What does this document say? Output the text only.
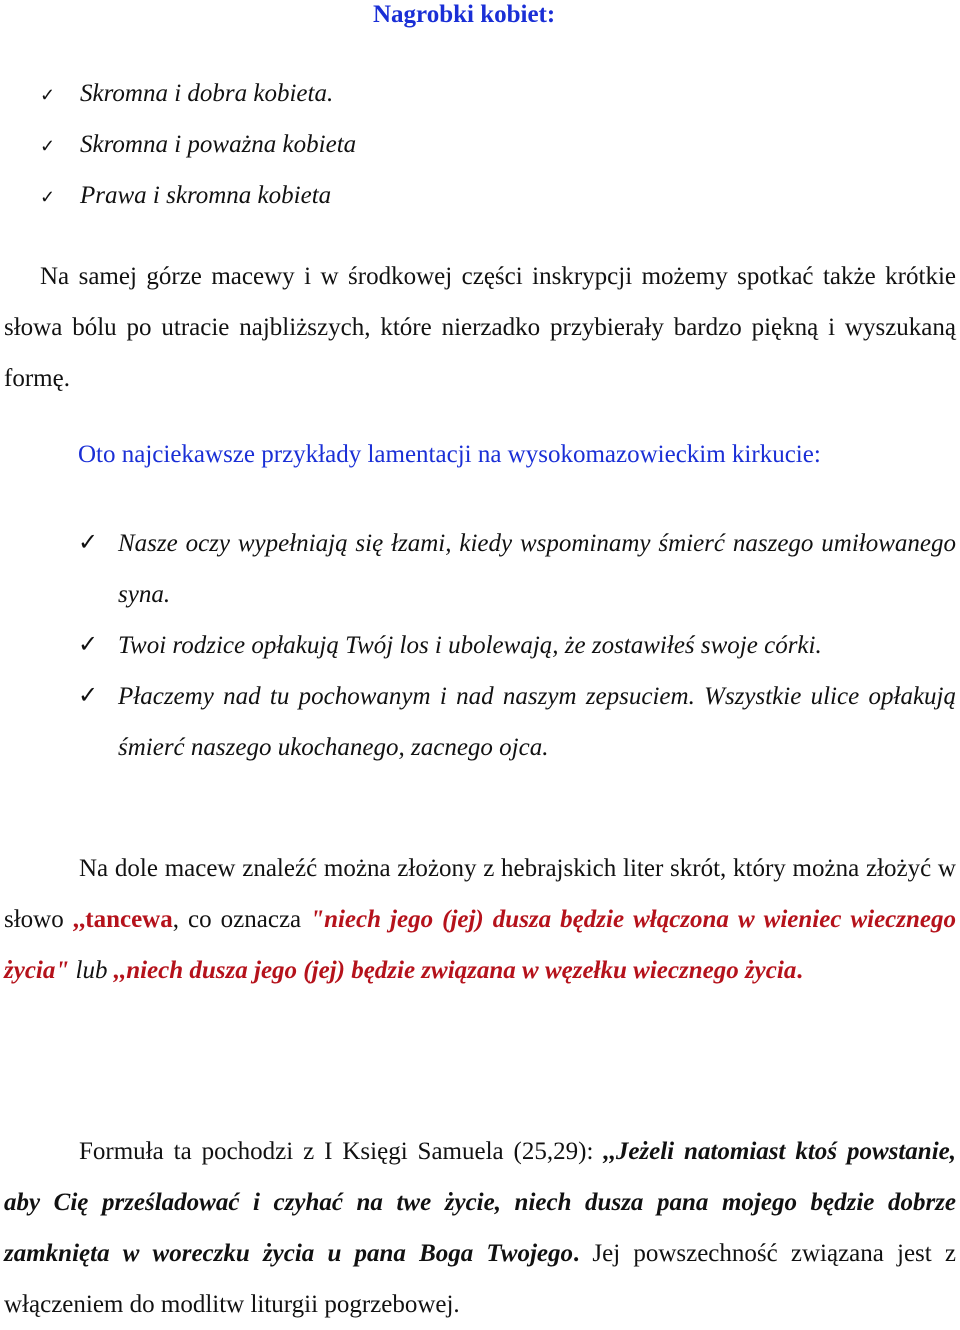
Nagrobki kobiet:
✓ Skromna i dobra kobieta.
✓ Skromna i poważna kobieta
✓ Prawa i skromna kobieta

Na samej górze macewy i w środkowej części inskrypcji możemy spotkać także krótkie słowa bólu po utracie najbliższych, które nierzadko przybierały bardzo piękną i wyszukaną formę.

Oto najciekawsze przykłady lamentacji na wysokomazowieckim kirkucie:
✓ Nasze oczy wypełniają się łzami, kiedy wspominamy śmierć naszego umiłowanego syna.
✓ Twoi rodzice opłakują Twój los i ubolewają, że zostawiłeś swoje córki.
✓ Płaczemy nad tu pochowanym i nad naszym zepsuciem. Wszystkie ulice opłakują śmierć naszego ukochanego, zacnego ojca.

Na dole macew znaleźć można złożony z hebrajskich liter skrót, który można złożyć w słowo ,,tancewa, co oznacza "niech jego (jej) dusza będzie włączona w wieniec wiecznego życia" lub ,,niech dusza jego (jej) będzie związana w węzełku wiecznego życia.

Formuła ta pochodzi z I Księgi Samuela (25,29): ,,Jeżeli natomiast ktoś powstanie, aby Cię prześladować i czyhać na twe życie, niech dusza pana mojego będzie dobrze zamknięta w woreczku życia u pana Boga Twojego. Jej powszechność związana jest z włączeniem do modlitw liturgii pogrzebowej.
